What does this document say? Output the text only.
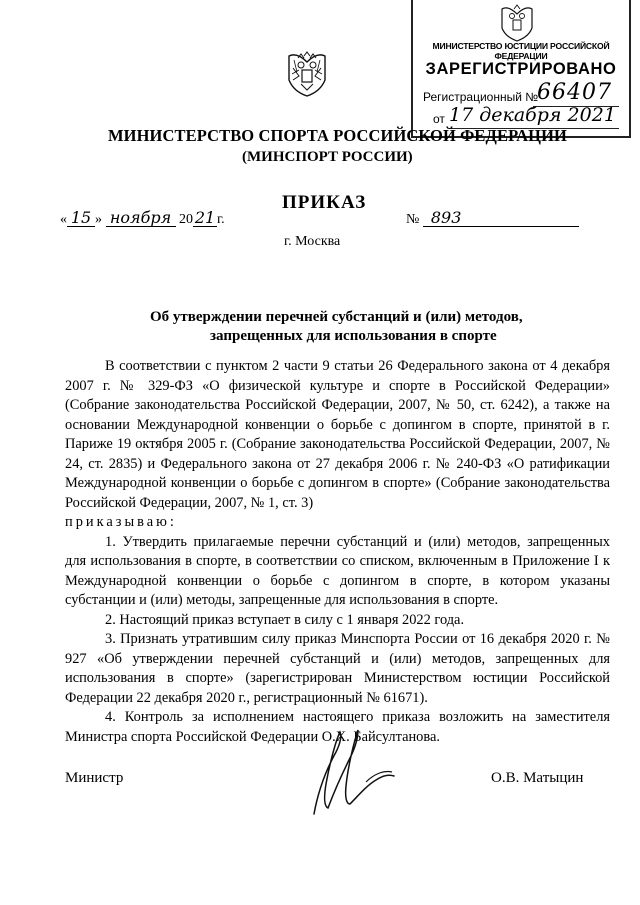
МИНИСТЕРСТВО ЮСТИЦИИ РОССИЙСКОЙ ФЕДЕРАЦИИ
ЗАРЕГИСТРИРОВАНО
Регистрационный №
66407
от 17 декабря 2021
МИНИСТЕРСТВО СПОРТА РОССИЙСКОЙ ФЕДЕРАЦИИ
(МИНСПОРТ РОССИИ)
ПРИКАЗ
« 15 » ноября 20 21 г.	№ 893
г. Москва
Об утверждении перечней субстанций и (или) методов,
запрещенных для использования в спорте

В соответствии с пунктом 2 части 9 статьи 26 Федерального закона от 4 декабря 2007 г. № 329-ФЗ «О физической культуре и спорте в Российской Федерации» (Собрание законодательства Российской Федерации, 2007, № 50, ст. 6242), а также на основании Международной конвенции о борьбе с допингом в спорте, принятой в г. Париже 19 октября 2005 г. (Собрание законодательства Российской Федерации, 2007, № 24, ст. 2835) и Федерального закона от 27 декабря 2006 г. № 240-ФЗ «О ратификации Международной конвенции о борьбе с допингом в спорте» (Собрание законодательства Российской Федерации, 2007, № 1, ст. 3)

приказываю:

1. Утвердить прилагаемые перечни субстанций и (или) методов, запрещенных для использования в спорте, в соответствии со списком, включенным в Приложение I к Международной конвенции о борьбе с допингом в спорте, в котором указаны субстанции и (или) методы, запрещенные для использования в спорте.

2. Настоящий приказ вступает в силу с 1 января 2022 года.

3. Признать утратившим силу приказ Минспорта России от 16 декабря 2020 г. № 927 «Об утверждении перечней субстанций и (или) методов, запрещенных для использования в спорте» (зарегистрирован Министерством юстиции Российской Федерации 22 декабря 2020 г., регистрационный № 61671).

4. Контроль за исполнением настоящего приказа возложить на заместителя Министра спорта Российской Федерации О.Х. Байсултанова.

Министр	О.В. Матыцин
